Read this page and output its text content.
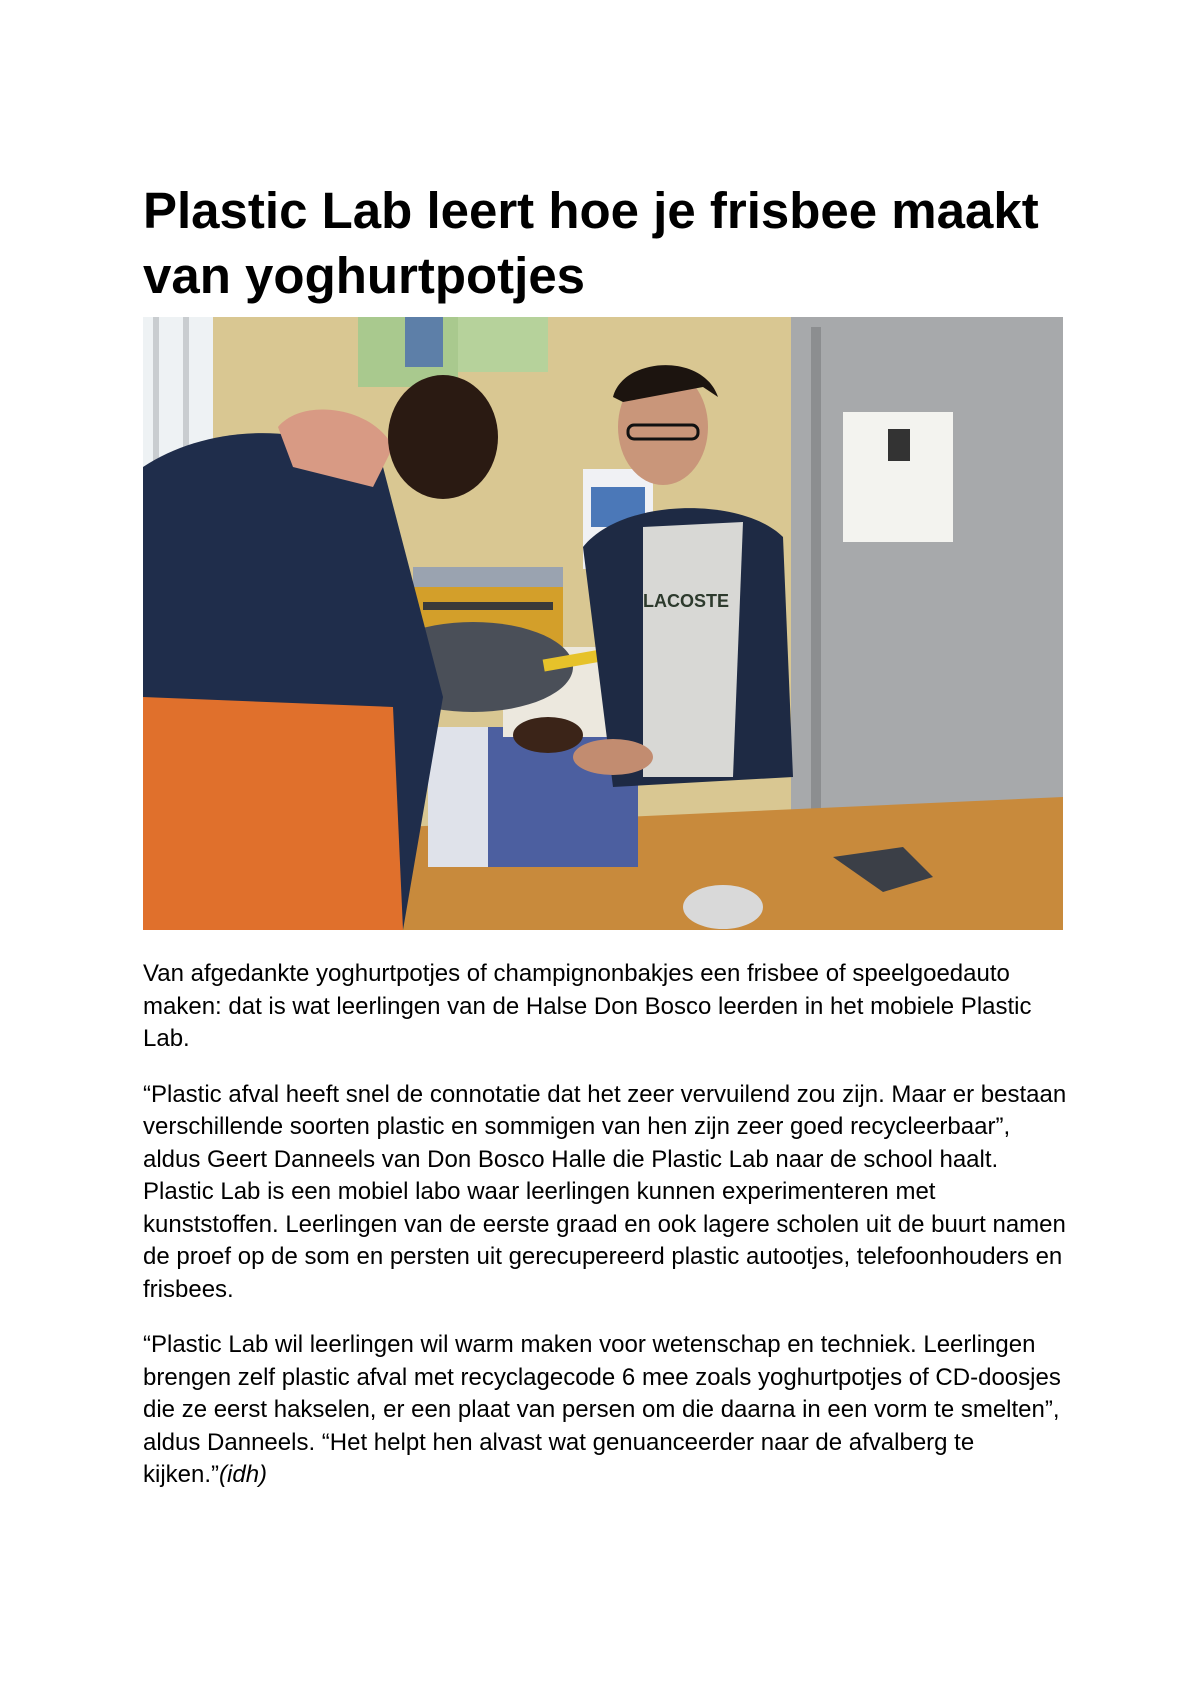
Plastic Lab leert hoe je frisbee maakt van yoghurtpotjes
LACOSTE

Van afgedankte yoghurtpotjes of champignonbakjes een frisbee of speelgoedauto maken: dat is wat leerlingen van de Halse Don Bosco leerden in het mobiele Plastic Lab.

“Plastic afval heeft snel de connotatie dat het zeer vervuilend zou zijn. Maar er bestaan verschillende soorten plastic en sommigen van hen zijn zeer goed recycleerbaar”, aldus Geert Danneels van Don Bosco Halle die Plastic Lab naar de school haalt. Plastic Lab is een mobiel labo waar leerlingen kunnen experimenteren met kunststoffen. Leerlingen van de eerste graad en ook lagere scholen uit de buurt namen de proef op de som en persten uit gerecupereerd plastic autootjes, telefoonhouders en frisbees.

“Plastic Lab wil leerlingen wil warm maken voor wetenschap en techniek. Leerlingen brengen zelf plastic afval met recyclagecode 6 mee zoals yoghurtpotjes of CD-doosjes die ze eerst hakselen, er een plaat van persen om die daarna in een vorm te smelten”, aldus Danneels. “Het helpt hen alvast wat genuanceerder naar de afvalberg te kijken.”(idh)
